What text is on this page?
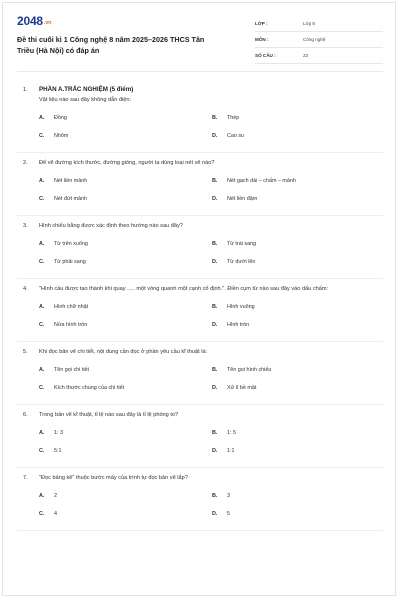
2048.vn
Đề thi cuối kì 1 Công nghệ 8 năm 2025–2026 THCS Tân Triều (Hà Nội) có đáp án
LỚP :	Lớp 8
MÔN :	Công nghệ
SỐ CÂU :	23
1. PHẦN A.TRẮC NGHIỆM (5 điểm)
Vật liệu nào sau đây không dẫn điện:
A. Đồng	B. Thép
C. Nhôm	D. Cao su
2. Để vẽ đường kích thước, đường gióng, người ta dùng loại nét vẽ nào?
A. Nét liền mảnh	B. Nét gạch dài – chấm – mảnh
C. Nét đứt mảnh	D. Nét liền đậm
3. Hình chiếu bằng được xác định theo hướng nào sau đây?
A. Từ trên xuống	B. Từ trái sang
C. Từ phải sang	D. Từ dưới lên
4. "Hình cầu được tạo thành khi quay ..... một vòng quanh một cạnh cố định.". Điền cụm từ nào sau đây vào dấu chấm:
A. Hình chữ nhật	B. Hình vuông
C. Nửa hình tròn	D. Hình tròn
5. Khi đọc bản vẽ chi tiết, nội dung cần đọc ở phần yêu cầu kĩ thuật là:
A. Tên gọi chi tiết	B. Tên gọi hình chiếu
C. Kích thước chung của chi tiết	D. Xử lí bề mặt
6. Trong bản vẽ kĩ thuật, tỉ lệ nào sau đây là tỉ lệ phóng to?
A. 1: 3	B. 1: 5
C. 5:1	D. 1:1
7. "Đọc bảng kê" thuộc bước mấy của trình tự đọc bản vẽ lắp?
A. 2	B. 3
C. 4	D. 5
